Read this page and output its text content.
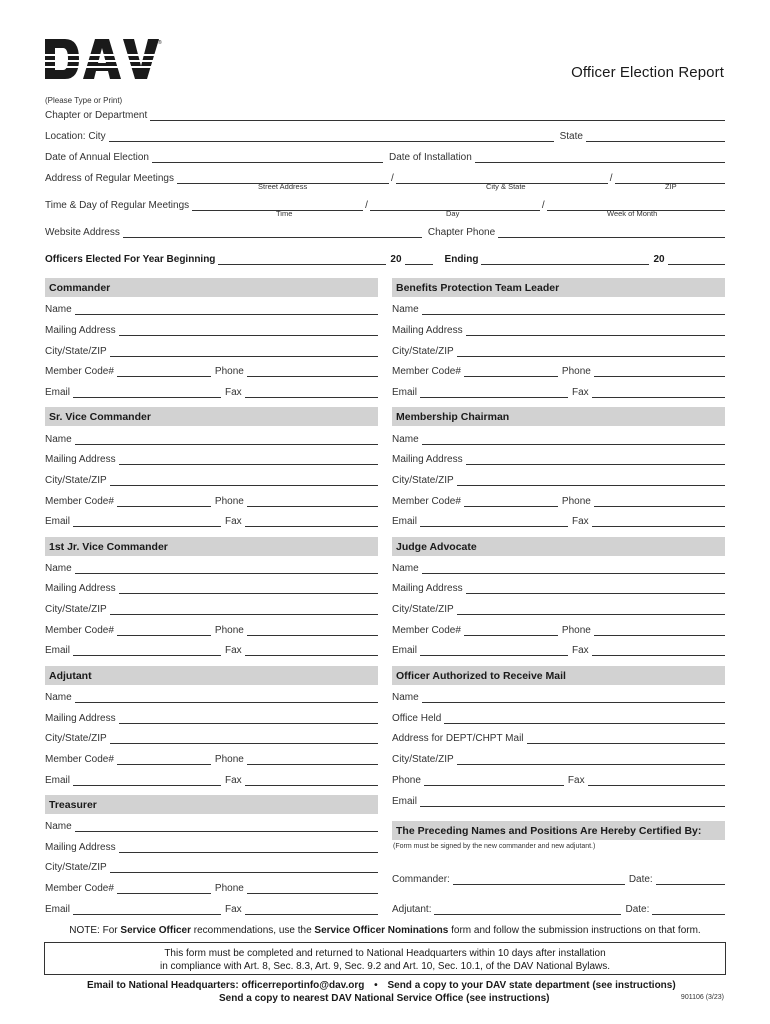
®
Officer Election Report
(Please Type or Print)
Chapter or Department
Location: City	State
Date of Annual Election	Date of Installation
Address of Regular Meetings	/	/
Street Address	City & State	ZIP
Time & Day of Regular Meetings	/	/
Time	Day	Week of Month
Website Address	Chapter Phone
Officers Elected For Year Beginning	20	Ending	20
Commander
Name
Mailing Address
City/State/ZIP
Member Code#	Phone
Email	Fax
Sr. Vice Commander
Name
Mailing Address
City/State/ZIP
Member Code#	Phone
Email	Fax
1st Jr. Vice Commander
Name
Mailing Address
City/State/ZIP
Member Code#	Phone
Email	Fax
Adjutant
Name
Mailing Address
City/State/ZIP
Member Code#	Phone
Email	Fax
Treasurer
Name
Mailing Address
City/State/ZIP
Member Code#	Phone
Email	Fax
Benefits Protection Team Leader
Name
Mailing Address
City/State/ZIP
Member Code#	Phone
Email	Fax
Membership Chairman
Name
Mailing Address
City/State/ZIP
Member Code#	Phone
Email	Fax
Judge Advocate
Name
Mailing Address
City/State/ZIP
Member Code#	Phone
Email	Fax
Officer Authorized to Receive Mail
Name
Office Held
Address for DEPT/CHPT Mail
City/State/ZIP
Phone	Fax
Email
The Preceding Names and Positions Are Hereby Certified By:
(Form must be signed by the new commander and new adjutant.)
Commander:	Date:
Adjutant:	Date:
NOTE: For Service Officer recommendations, use the Service Officer Nominations form and follow the submission instructions on that form.
This form must be completed and returned to National Headquarters within 10 days after installation
in compliance with Art. 8, Sec. 8.3, Art. 9, Sec. 9.2 and Art. 10, Sec. 10.1, of the DAV National Bylaws.
Email to National Headquarters: officerreportinfo@dav.org • Send a copy to your DAV state department (see instructions)
Send a copy to nearest DAV National Service Office (see instructions)	901106 (3/23)
